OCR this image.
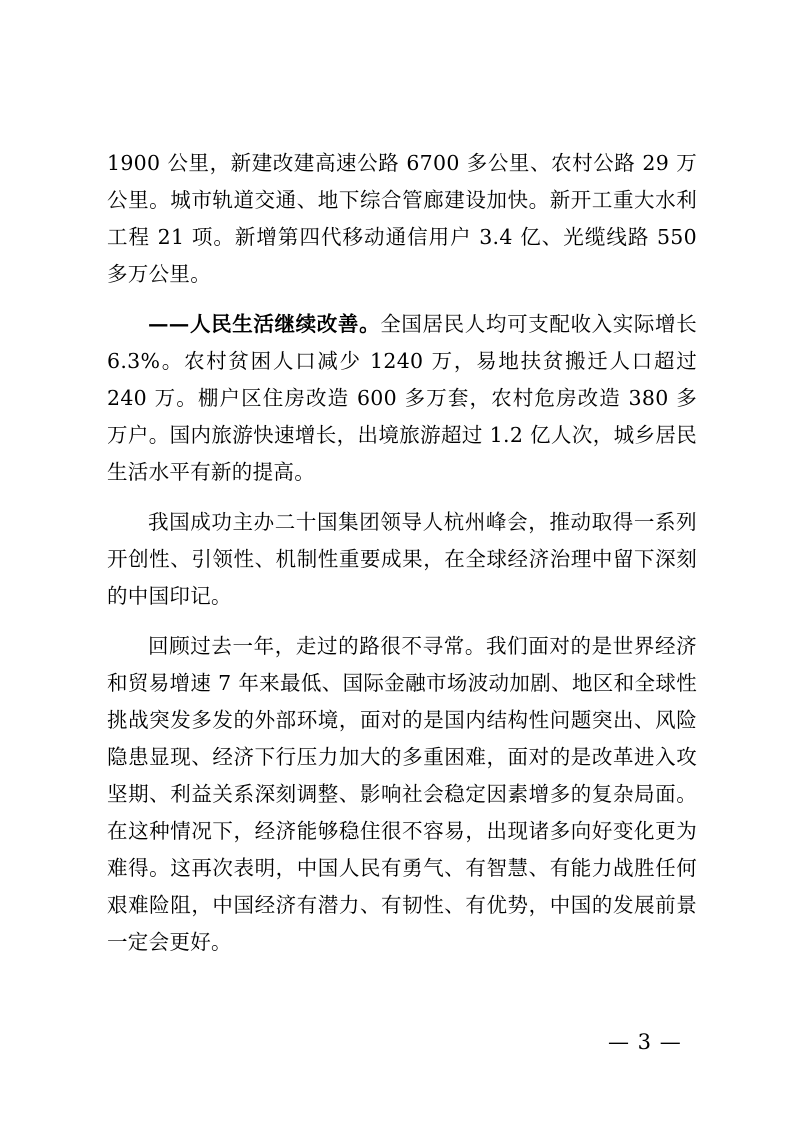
1900 公里，新建改建高速公路 6700 多公里、农村公路 29 万公里。城市轨道交通、地下综合管廊建设加快。新开工重大水利工程 21 项。新增第四代移动通信用户 3.4 亿、光缆线路 550 多万公里。

——人民生活继续改善。全国居民人均可支配收入实际增长 6.3%。农村贫困人口减少 1240 万，易地扶贫搬迁人口超过 240 万。棚户区住房改造 600 多万套，农村危房改造 380 多万户。国内旅游快速增长，出境旅游超过 1.2 亿人次，城乡居民生活水平有新的提高。

我国成功主办二十国集团领导人杭州峰会，推动取得一系列开创性、引领性、机制性重要成果，在全球经济治理中留下深刻的中国印记。

回顾过去一年，走过的路很不寻常。我们面对的是世界经济和贸易增速 7 年来最低、国际金融市场波动加剧、地区和全球性挑战突发多发的外部环境，面对的是国内结构性问题突出、风险隐患显现、经济下行压力加大的多重困难，面对的是改革进入攻坚期、利益关系深刻调整、影响社会稳定因素增多的复杂局面。在这种情况下，经济能够稳住很不容易，出现诸多向好变化更为难得。这再次表明，中国人民有勇气、有智慧、有能力战胜任何艰难险阻，中国经济有潜力、有韧性、有优势，中国的发展前景一定会更好。

— 3 —
